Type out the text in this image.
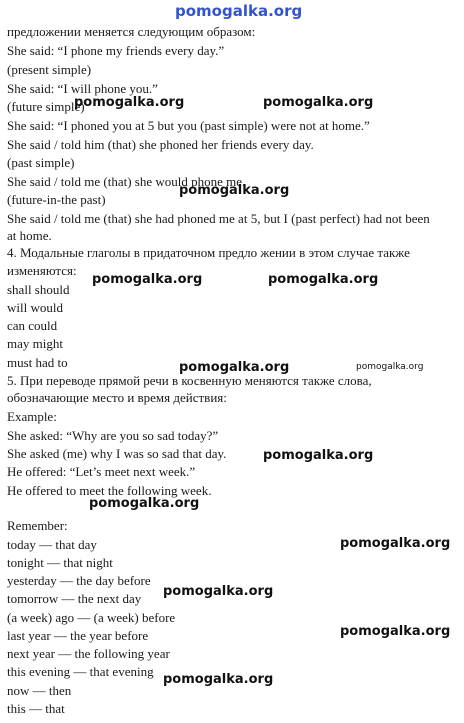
pomogalka.org
предложении меняется следующим образом:
She said: “I phone my friends every day.”
(present simple)
She said: “I will phone you.”
(future simple)
She said: “I phoned you at 5 but you (past simple) were not at home.”
She said / told him (that) she phoned her friends every day.
(past simple)
She said / told me (that) she would phone me.
(future-in-the past)
She said / told me (that) she had phoned me at 5, but I (past perfect) had not been
at home.
4. Модальные глаголы в придаточном предло жении в этом случае также
изменяются:
shall should
will would
can could
may might
must had to
5. При переводе прямой речи в косвенную меняются также слова,
обозначающие место и время действия:
Example:
She asked: “Why are you so sad today?”
She asked (me) why I was so sad that day.
He offered: “Let’s meet next week.”
He offered to meet the following week.
Remember:
today — that day
tonight — that night
yesterday — the day before
tomorrow — the next day
(a week) ago — (a week) before
last year — the year before
next year — the following year
this evening — that evening
now — then
this — that
pomogalka.org	pomogalka.org
pomogalka.org
pomogalka.org	pomogalka.org
pomogalka.org	pomogalka.org
pomogalka.org
pomogalka.org
pomogalka.org
pomogalka.org
pomogalka.org
pomogalka.org
